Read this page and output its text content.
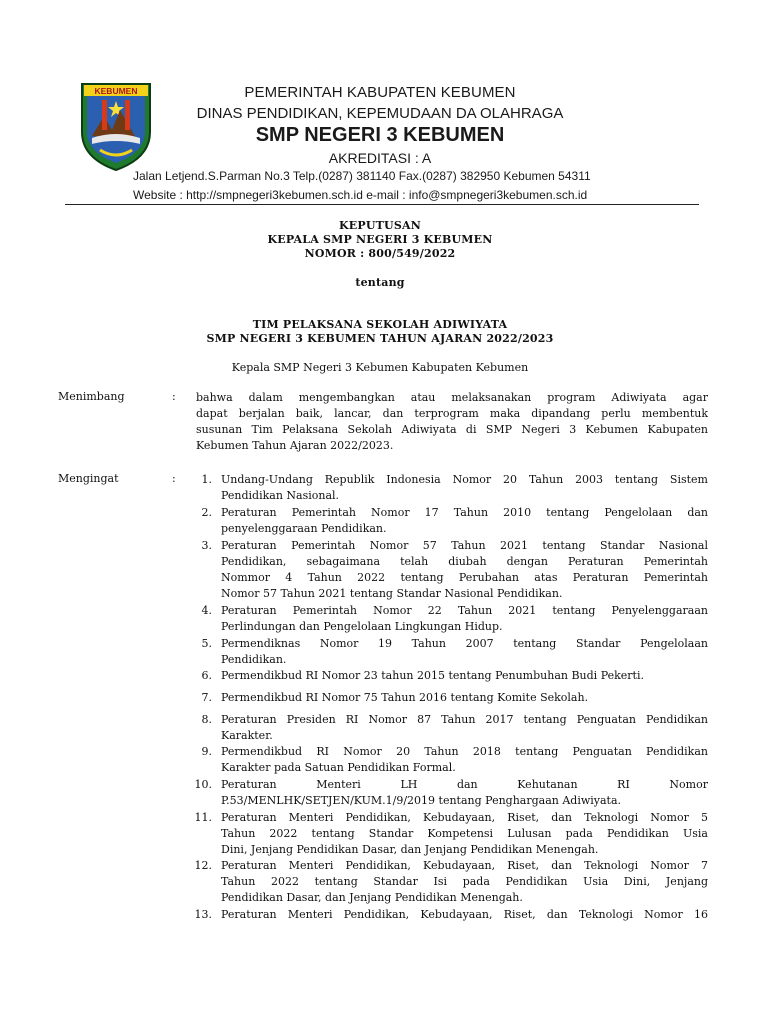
KEBUMEN	PEMERINTAH KABUPATEN KEBUMEN
DINAS PENDIDIKAN, KEPEMUDAAN DA OLAHRAGA
SMP NEGERI 3 KEBUMEN
AKREDITASI : A
Jalan Letjend.S.Parman No.3 Telp.(0287) 381140 Fax.(0287) 382950 Kebumen 54311
Website : http://smpnegeri3kebumen.sch.id e-mail : info@smpnegeri3kebumen.sch.id
KEPUTUSAN
KEPALA SMP NEGERI 3 KEBUMEN
NOMOR : 800/549/2022
tentang
TIM PELAKSANA SEKOLAH ADIWIYATA
SMP NEGERI 3 KEBUMEN TAHUN AJARAN 2022/2023
Kepala SMP Negeri 3 Kebumen Kabupaten Kebumen
Menimbang	: bahwa dalam mengembangkan atau melaksanakan program Adiwiyata agar
dapat berjalan baik, lancar, dan terprogram maka dipandang perlu membentuk
susunan Tim Pelaksana Sekolah Adiwiyata di SMP Negeri 3 Kebumen Kabupaten
Kebumen Tahun Ajaran 2022/2023.
Mengingat	:	1. Undang-Undang Republik Indonesia Nomor 20 Tahun 2003 tentang Sistem
Pendidikan Nasional.
2. Peraturan Pemerintah Nomor 17 Tahun 2010 tentang Pengelolaan dan
penyelenggaraan Pendidikan.
3. Peraturan Pemerintah Nomor 57 Tahun 2021 tentang Standar Nasional
Pendidikan, sebagaimana telah diubah dengan Peraturan Pemerintah
Nommor 4 Tahun 2022 tentang Perubahan atas Peraturan Pemerintah
Nomor 57 Tahun 2021 tentang Standar Nasional Pendidikan.
4. Peraturan Pemerintah Nomor 22 Tahun 2021 tentang Penyelenggaraan
Perlindungan dan Pengelolaan Lingkungan Hidup.
5. Permendiknas Nomor 19 Tahun 2007 tentang Standar Pengelolaan
Pendidikan.
6. Permendikbud RI Nomor 23 tahun 2015 tentang Penumbuhan Budi Pekerti.
7. Permendikbud RI Nomor 75 Tahun 2016 tentang Komite Sekolah.
8. Peraturan Presiden RI Nomor 87 Tahun 2017 tentang Penguatan Pendidikan
Karakter.
9. Permendikbud RI Nomor 20 Tahun 2018 tentang Penguatan Pendidikan
Karakter pada Satuan Pendidikan Formal.
10. Peraturan Menteri LH dan Kehutanan RI Nomor
P.53/MENLHK/SETJEN/KUM.1/9/2019 tentang Penghargaan Adiwiyata.
11. Peraturan Menteri Pendidikan, Kebudayaan, Riset, dan Teknologi Nomor 5
Tahun 2022 tentang Standar Kompetensi Lulusan pada Pendidikan Usia
Dini, Jenjang Pendidikan Dasar, dan Jenjang Pendidikan Menengah.
12. Peraturan Menteri Pendidikan, Kebudayaan, Riset, dan Teknologi Nomor 7
Tahun 2022 tentang Standar Isi pada Pendidikan Usia Dini, Jenjang
Pendidikan Dasar, dan Jenjang Pendidikan Menengah.
13. Peraturan Menteri Pendidikan, Kebudayaan, Riset, dan Teknologi Nomor 16
